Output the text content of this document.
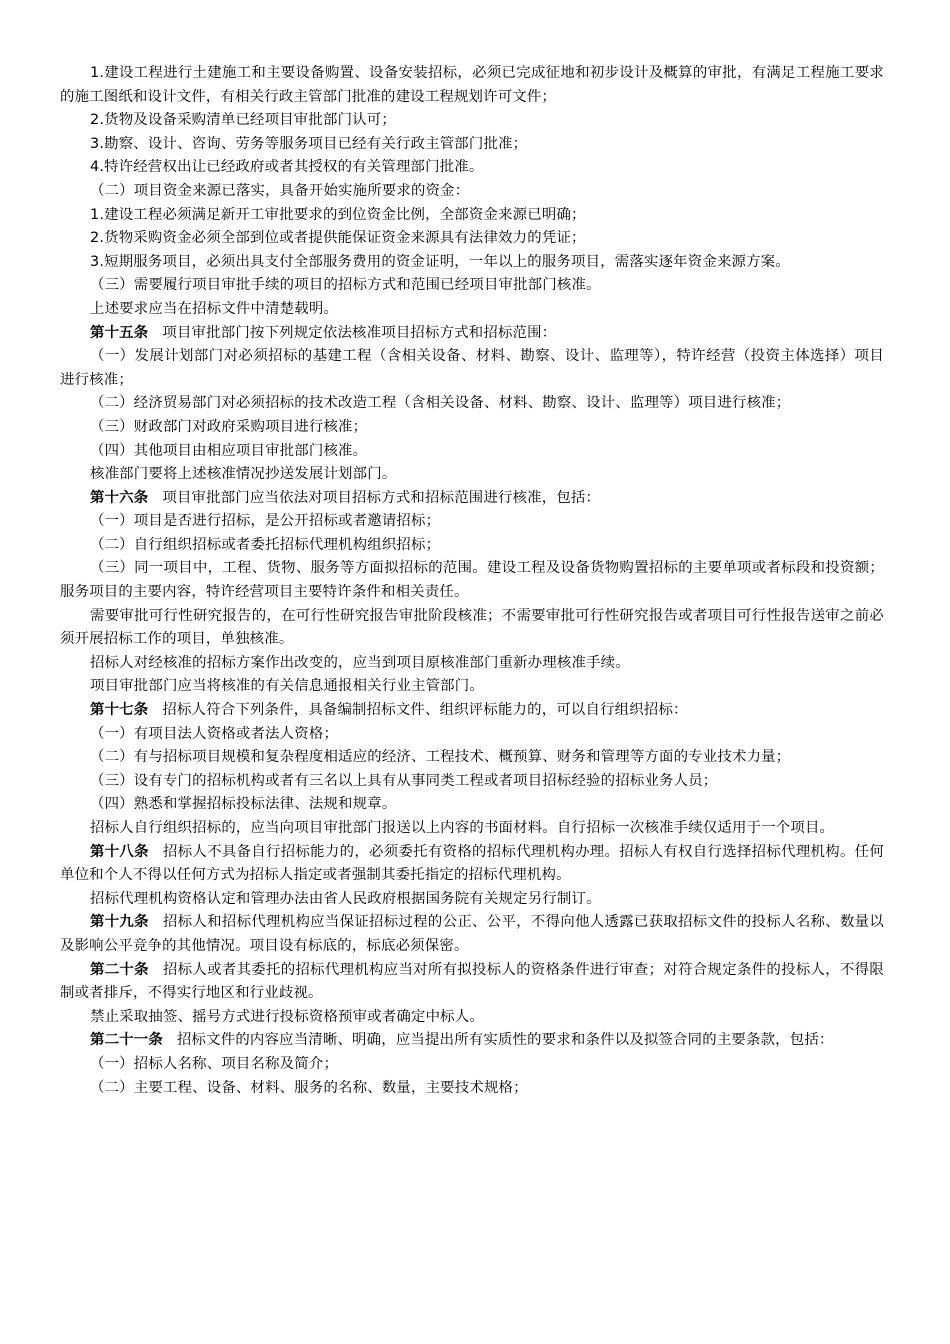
1.建设工程进行土建施工和主要设备购置、设备安装招标，必须已完成征地和初步设计及概算的审批，有满足工程施工要求的施工图纸和设计文件，有相关行政主管部门批准的建设工程规划许可文件；

2.货物及设备采购清单已经项目审批部门认可；

3.勘察、设计、咨询、劳务等服务项目已经有关行政主管部门批准；

4.特许经营权出让已经政府或者其授权的有关管理部门批准。

（二）项目资金来源已落实，具备开始实施所要求的资金：

1.建设工程必须满足新开工审批要求的到位资金比例，全部资金来源已明确；

2.货物采购资金必须全部到位或者提供能保证资金来源具有法律效力的凭证；

3.短期服务项目，必须出具支付全部服务费用的资金证明，一年以上的服务项目，需落实逐年资金来源方案。

（三）需要履行项目审批手续的项目的招标方式和范围已经项目审批部门核准。

上述要求应当在招标文件中清楚载明。

第十五条 项目审批部门按下列规定依法核准项目招标方式和招标范围：

（一）发展计划部门对必须招标的基建工程（含相关设备、材料、勘察、设计、监理等），特许经营（投资主体选择）项目进行核准；

（二）经济贸易部门对必须招标的技术改造工程（含相关设备、材料、勘察、设计、监理等）项目进行核准；

（三）财政部门对政府采购项目进行核准；

（四）其他项目由相应项目审批部门核准。

核准部门要将上述核准情况抄送发展计划部门。

第十六条 项目审批部门应当依法对项目招标方式和招标范围进行核准，包括：

（一）项目是否进行招标，是公开招标或者邀请招标；

（二）自行组织招标或者委托招标代理机构组织招标；

（三）同一项目中，工程、货物、服务等方面拟招标的范围。建设工程及设备货物购置招标的主要单项或者标段和投资额；服务项目的主要内容，特许经营项目主要特许条件和相关责任。

需要审批可行性研究报告的，在可行性研究报告审批阶段核准；不需要审批可行性研究报告或者项目可行性报告送审之前必须开展招标工作的项目，单独核准。

招标人对经核准的招标方案作出改变的，应当到项目原核准部门重新办理核准手续。

项目审批部门应当将核准的有关信息通报相关行业主管部门。

第十七条 招标人符合下列条件，具备编制招标文件、组织评标能力的，可以自行组织招标：

（一）有项目法人资格或者法人资格；

（二）有与招标项目规模和复杂程度相适应的经济、工程技术、概预算、财务和管理等方面的专业技术力量；

（三）设有专门的招标机构或者有三名以上具有从事同类工程或者项目招标经验的招标业务人员；

（四）熟悉和掌握招标投标法律、法规和规章。

招标人自行组织招标的，应当向项目审批部门报送以上内容的书面材料。自行招标一次核准手续仅适用于一个项目。

第十八条 招标人不具备自行招标能力的，必须委托有资格的招标代理机构办理。招标人有权自行选择招标代理机构。任何单位和个人不得以任何方式为招标人指定或者强制其委托指定的招标代理机构。

招标代理机构资格认定和管理办法由省人民政府根据国务院有关规定另行制订。

第十九条 招标人和招标代理机构应当保证招标过程的公正、公平，不得向他人透露已获取招标文件的投标人名称、数量以及影响公平竞争的其他情况。项目设有标底的，标底必须保密。

第二十条 招标人或者其委托的招标代理机构应当对所有拟投标人的资格条件进行审查；对符合规定条件的投标人，不得限制或者排斥，不得实行地区和行业歧视。

禁止采取抽签、摇号方式进行投标资格预审或者确定中标人。

第二十一条 招标文件的内容应当清晰、明确，应当提出所有实质性的要求和条件以及拟签合同的主要条款，包括：

（一）招标人名称、项目名称及简介；

（二）主要工程、设备、材料、服务的名称、数量，主要技术规格；
